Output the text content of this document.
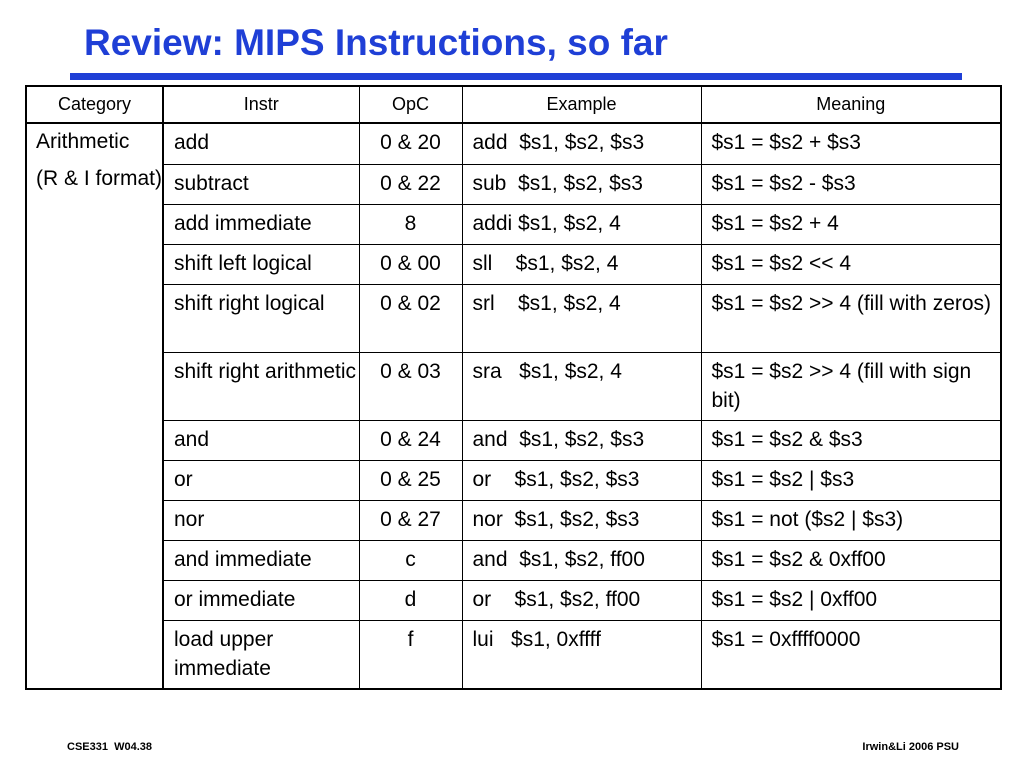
Review: MIPS Instructions, so far
Category	Instr	OpC	Example	Meaning

Arithmetic
(R & I format)	add	0 & 20	add  $s1, $s2, $s3	$s1 = $s2 + $s3
	subtract	0 & 22	sub  $s1, $s2, $s3	$s1 = $s2 - $s3
	add immediate	8	addi $s1, $s2, 4	$s1 = $s2 + 4
	shift left logical	0 & 00	sll    $s1, $s2, 4	$s1 = $s2 << 4
	shift right logical	0 & 02	srl    $s1, $s2, 4	$s1 = $s2 >> 4 (fill with zeros)
	shift right arithmetic	0 & 03	sra   $s1, $s2, 4	$s1 = $s2 >> 4 (fill with sign bit)
	and	0 & 24	and  $s1, $s2, $s3	$s1 = $s2 & $s3
	or	0 & 25	or    $s1, $s2, $s3	$s1 = $s2 | $s3
	nor	0 & 27	nor  $s1, $s2, $s3	$s1 = not ($s2 | $s3)
	and immediate	c	and  $s1, $s2, ff00	$s1 = $s2 & 0xff00
	or immediate	d	or    $s1, $s2, ff00	$s1 = $s2 | 0xff00
	load upper immediate	f	lui   $s1, 0xffff	$s1 = 0xffff0000
CSE331  W04.38	Irwin&Li 2006 PSU
